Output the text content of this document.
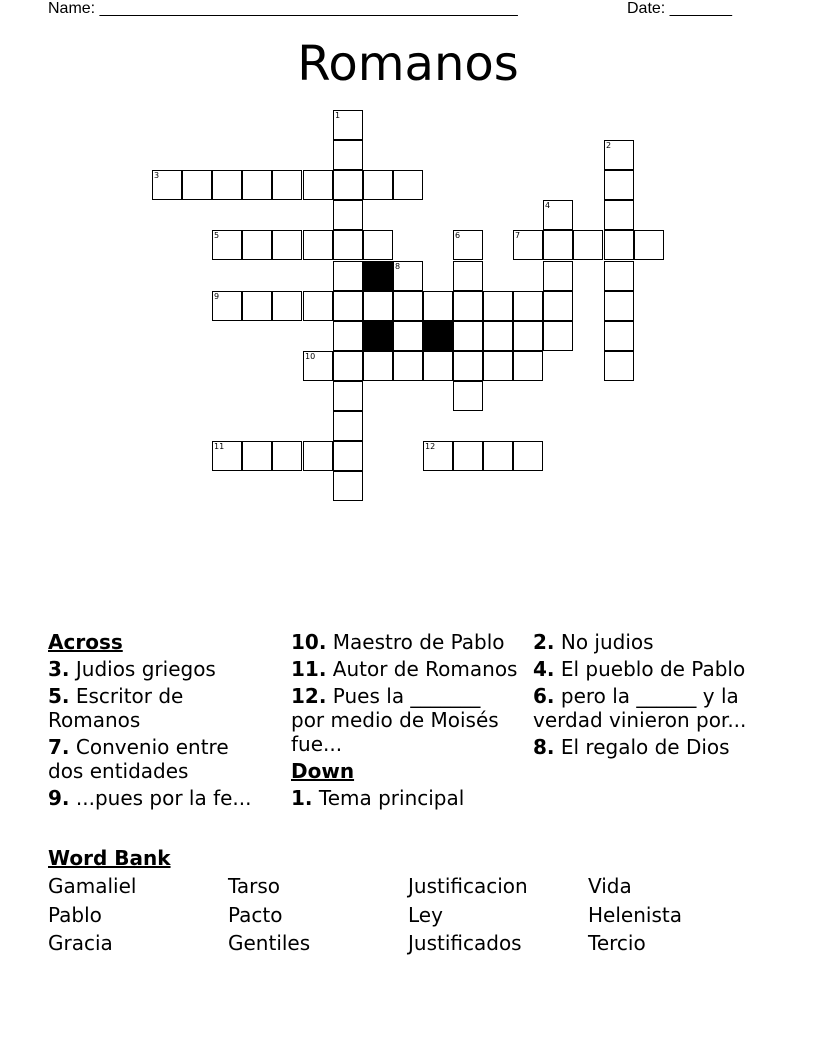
Name: _______________________________________________	Date: _______
Romanos
1
2
3
4
5	6	7
8
9
10
11	12
Across
3. Judios griegos
5. Escritor de Romanos
7. Convenio entre dos entidades
9. ...pues por la fe...
10. Maestro de Pablo
11. Autor de Romanos
12. Pues la _______ por medio de Moisés fue...
Down
1. Tema principal
2. No judios
4. El pueblo de Pablo
6. pero la ______ y la verdad vinieron por...
8. El regalo de Dios
Word Bank
Gamaliel	Tarso	Justificacion	Vida
Pablo	Pacto	Ley	Helenista
Gracia	Gentiles	Justificados	Tercio
